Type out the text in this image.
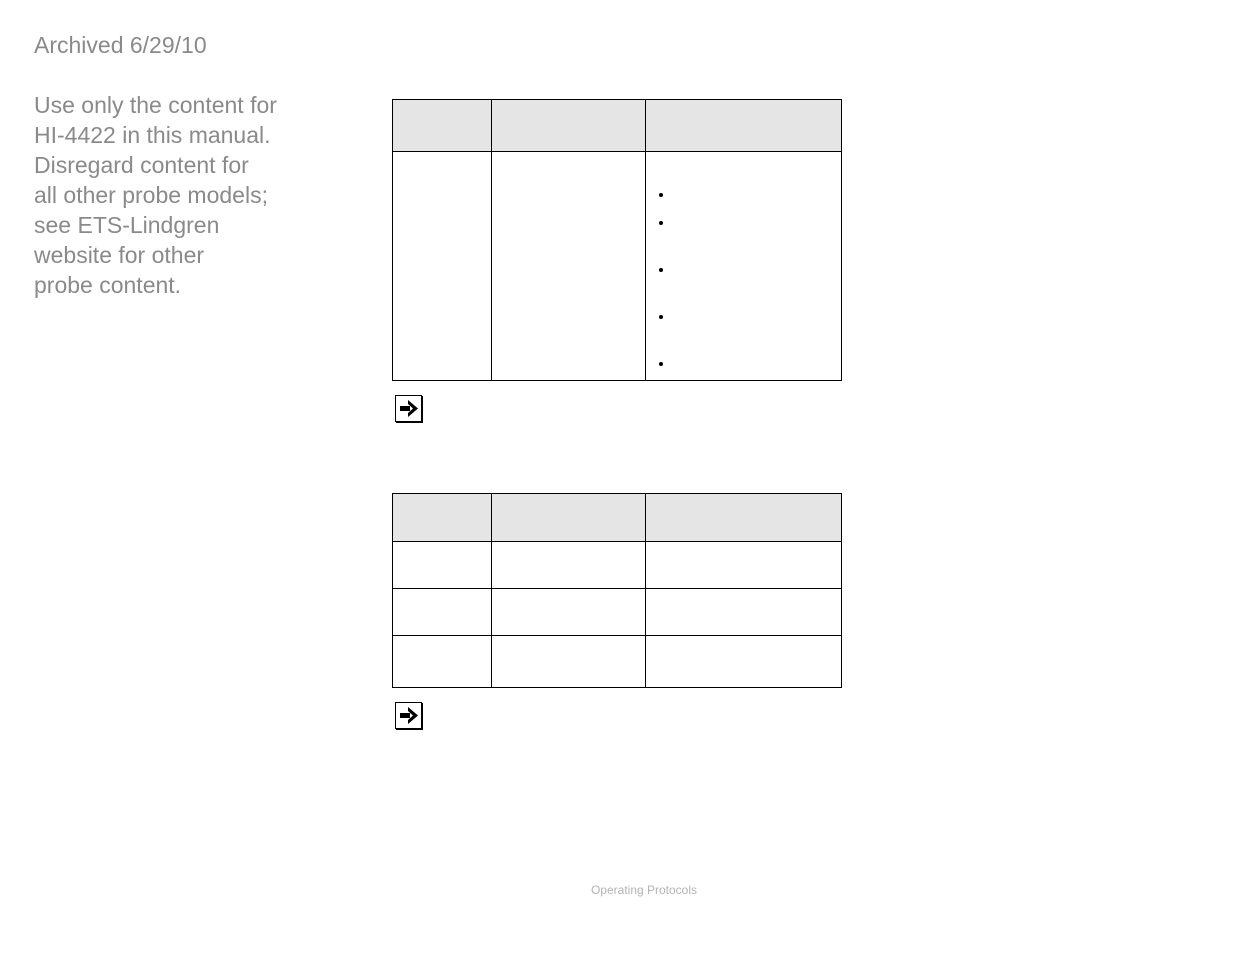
Archived 6/29/10
Use only the content for
HI-4422 in this manual.
Disregard content for
all other probe models;
see ETS-Lindgren
website for other
probe content.

Operating Protocols
